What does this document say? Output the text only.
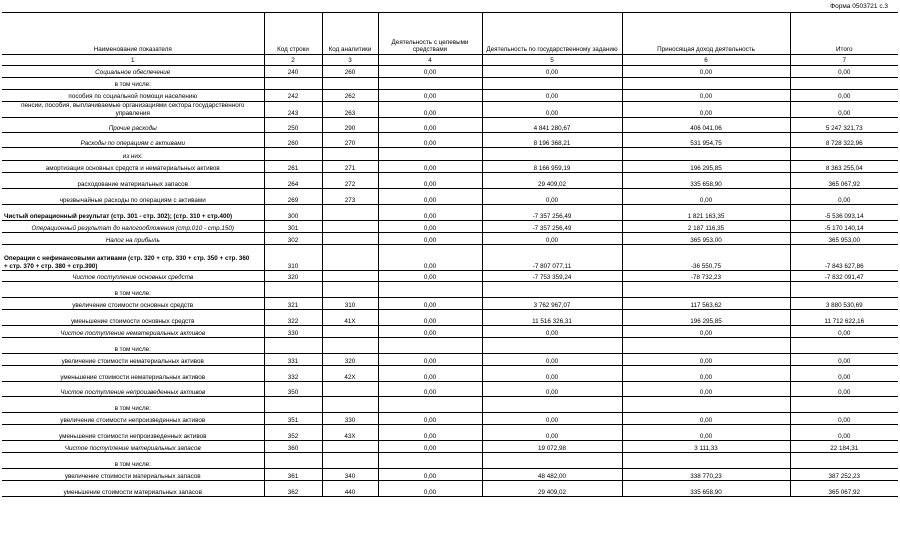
Форма 0503721 с.3
Наименование показателя	Код строки	Код аналитики	Деятельность с целевыми средствами	Деятельность по государственному заданию	Приносящая доход деятельность	Итого
1	2	3	4	5	6	7
Социальное обеспечение	240	260	0,00	0,00	0,00	0,00
в том числе:						
пособия по социальной помощи населению	242	262	0,00	0,00	0,00	0,00
пенсии, пособия, выплачиваемые организациями сектора государственного управления	243	263	0,00	0,00	0,00	0,00
Прочие расходы	250	290	0,00	4 841 280,67	406 041,06	5 247 321,73
Расходы по операциям с активами	260	270	0,00	8 196 368,21	531 954,75	8 728 322,96
из них:						
амортизация основных средств и нематериальных активов	261	271	0,00	8 166 959,19	196 295,85	8 363 255,04
расходование материальных запасов	264	272	0,00	29 409,02	335 658,90	365 067,92
чрезвычайные расходы по операциям с активами	269	273	0,00	0,00	0,00	0,00
Чистый операционный результат (стр. 301 - стр. 302); (стр. 310 + стр.400)	300		0,00	-7 357 256,49	1 821 163,35	-5 536 093,14
Операционный результат до налогообложения (стр.010 - стр.150)	301		0,00	-7 357 256,49	2 187 116,35	-5 170 140,14
Налог на прибыль	302		0,00	0,00	365 953,00	365 953,00
Операции с нефинансовыми активами (стр. 320 + стр. 330 + стр. 350 + стр. 360
+ стр. 370 + стр. 380 + стр.390)	310		0,00	-7 807 077,11	-36 550,75	-7 843 627,86
Чистое поступление основных средств	320		0,00	-7 753 359,24	-78 732,23	-7 832 091,47
в том числе:						
увеличение стоимости основных средств	321	310	0,00	3 762 967,07	117 563,62	3 880 530,69
уменьшение стоимости основных средств	322	41X	0,00	11 516 326,31	196 295,85	11 712 622,16
Чистое поступление нематериальных активов	330		0,00	0,00	0,00	0,00
в том числе:						
увеличение стоимости нематериальных активов	331	320	0,00	0,00	0,00	0,00
уменьшение стоимости нематериальных активов	332	42X	0,00	0,00	0,00	0,00
Чистое поступление непроизведенных активов	350		0,00	0,00	0,00	0,00
в том числе:						
увеличение стоимости непроизведенных активов	351	330	0,00	0,00	0,00	0,00
уменьшение стоимости непроизведенных активов	352	43X	0,00	0,00	0,00	0,00
Чистое поступление материальных запасов	360		0,00	19 072,98	3 111,33	22 184,31
в том числе:						
увеличение стоимости материальных запасов	361	340	0,00	48 482,00	338 770,23	387 252,23
уменьшение стоимости материальных запасов	362	440	0,00	29 409,02	335 658,90	365 067,92
